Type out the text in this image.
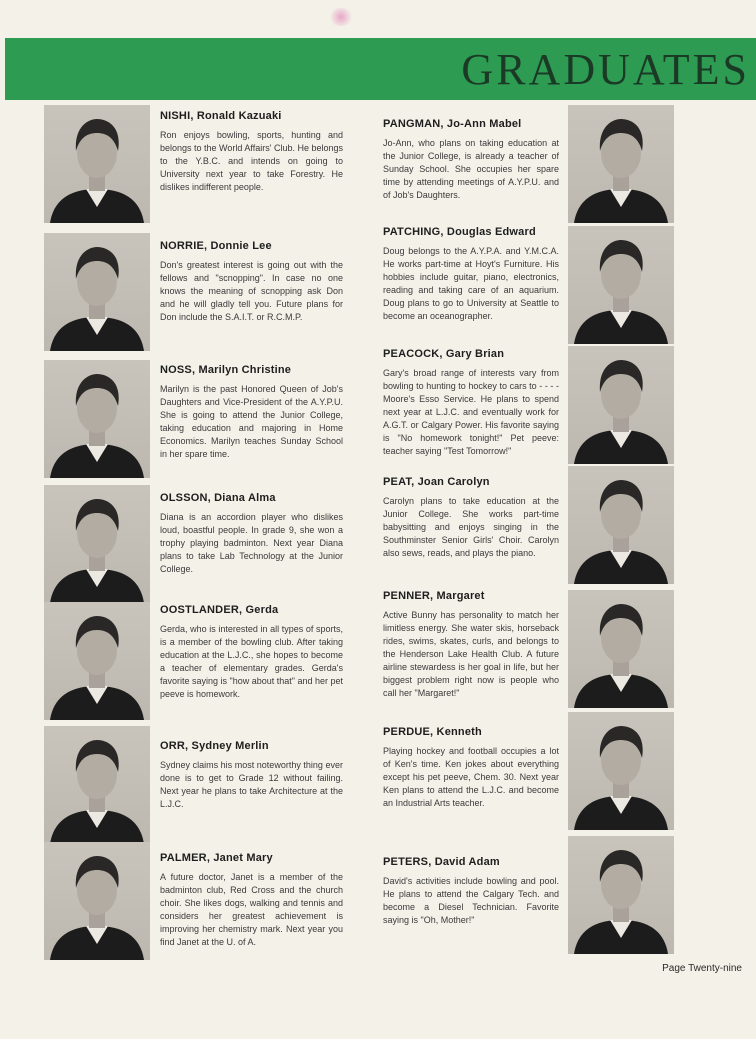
GRADUATES
NISHI, Ronald Kazuaki

Ron enjoys bowling, sports, hunting and belongs to the World Affairs' Club. He belongs to the Y.B.C. and intends on going to University next year to take Forestry. He dislikes indifferent people.

NORRIE, Donnie Lee

Don's greatest interest is going out with the fellows and "scnopping". In case no one knows the meaning of scnopping ask Don and he will gladly tell you. Future plans for Don include the S.A.I.T. or R.C.M.P.

NOSS, Marilyn Christine

Marilyn is the past Honored Queen of Job's Daughters and Vice-President of the A.Y.P.U. She is going to attend the Junior College, taking education and majoring in Home Economics. Marilyn teaches Sunday School in her spare time.

OLSSON, Diana Alma

Diana is an accordion player who dislikes loud, boastful people. In grade 9, she won a trophy playing badminton. Next year Diana plans to take Lab Technology at the Junior College.

OOSTLANDER, Gerda

Gerda, who is interested in all types of sports, is a member of the bowling club. After taking education at the L.J.C., she hopes to become a teacher of elementary grades. Gerda's favorite saying is "how about that" and her pet peeve is homework.

ORR, Sydney Merlin

Sydney claims his most noteworthy thing ever done is to get to Grade 12 without failing. Next year he plans to take Architecture at the L.J.C.

PALMER, Janet Mary

A future doctor, Janet is a member of the badminton club, Red Cross and the church choir. She likes dogs, walking and tennis and considers her greatest achievement is improving her chemistry mark. Next year you find Janet at the U. of A.

PANGMAN, Jo-Ann Mabel

Jo-Ann, who plans on taking education at the Junior College, is already a teacher of Sunday School. She occupies her spare time by attending meetings of A.Y.P.U. and of Job's Daughters.

PATCHING, Douglas Edward

Doug belongs to the A.Y.P.A. and Y.M.C.A. He works part-time at Hoyt's Furniture. His hobbies include guitar, piano, electronics, reading and taking care of an aquarium. Doug plans to go to University at Seattle to become an oceanographer.

PEACOCK, Gary Brian

Gary's broad range of interests vary from bowling to hunting to hockey to cars to - - - - Moore's Esso Service. He plans to spend next year at L.J.C. and eventually work for A.G.T. or Calgary Power. His favorite saying is "No homework tonight!" Pet peeve: teacher saying "Test Tomorrow!"

PEAT, Joan Carolyn

Carolyn plans to take education at the Junior College. She works part-time babysitting and enjoys singing in the Southminster Senior Girls' Choir. Carolyn also sews, reads, and plays the piano.

PENNER, Margaret

Active Bunny has personality to match her limitless energy. She water skis, horseback rides, swims, skates, curls, and belongs to the Henderson Lake Health Club. A future airline stewardess is her goal in life, but her biggest problem right now is people who call her "Margaret!"

PERDUE, Kenneth

Playing hockey and football occupies a lot of Ken's time. Ken jokes about everything except his pet peeve, Chem. 30. Next year Ken plans to attend the L.J.C. and become an Industrial Arts teacher.

PETERS, David Adam

David's activities include bowling and pool. He plans to attend the Calgary Tech. and become a Diesel Technician. Favorite saying is "Oh, Mother!"

Page Twenty-nine
